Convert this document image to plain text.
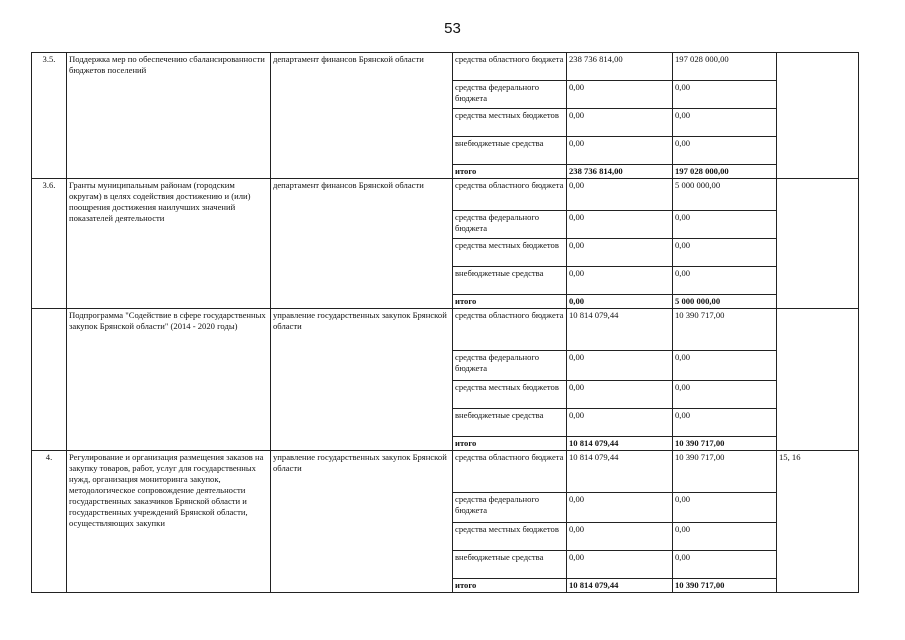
53
3.5.	Поддержка мер по обеспечению сбалансированности бюджетов поселений	департамент финансов Брянской области	средства областного бюджета	238 736 814,00	197 028 000,00	
			средства федерального бюджета	0,00	0,00	
			средства местных бюджетов	0,00	0,00	
			внебюджетные средства	0,00	0,00	
			итого	238 736 814,00	197 028 000,00	
3.6.	Гранты муниципальным районам (городским округам) в целях содействия достижению и (или) поощрения достижения наилучших значений показателей деятельности	департамент финансов Брянской области	средства областного бюджета	0,00	5 000 000,00	
			средства федерального бюджета	0,00	0,00	
			средства местных бюджетов	0,00	0,00	
			внебюджетные средства	0,00	0,00	
			итого	0,00	5 000 000,00	
	Подпрограмма "Содействие в сфере государственных закупок Брянской области" (2014 - 2020 годы)	управление государственных закупок Брянской области	средства областного бюджета	10 814 079,44	10 390 717,00	
			средства федерального бюджета	0,00	0,00	
			средства местных бюджетов	0,00	0,00	
			внебюджетные средства	0,00	0,00	
			итого	10 814 079,44	10 390 717,00	
4.	Регулирование и организация размещения заказов на закупку товаров, работ, услуг для государственных нужд, организация мониторинга закупок, методологическое сопровождение деятельности государственных заказчиков Брянской области и государственных учреждений Брянской области, осуществляющих закупки	управление государственных закупок Брянской области	средства областного бюджета	10 814 079,44	10 390 717,00	15, 16
			средства федерального бюджета	0,00	0,00	
			средства местных бюджетов	0,00	0,00	
			внебюджетные средства	0,00	0,00	
			итого	10 814 079,44	10 390 717,00	
